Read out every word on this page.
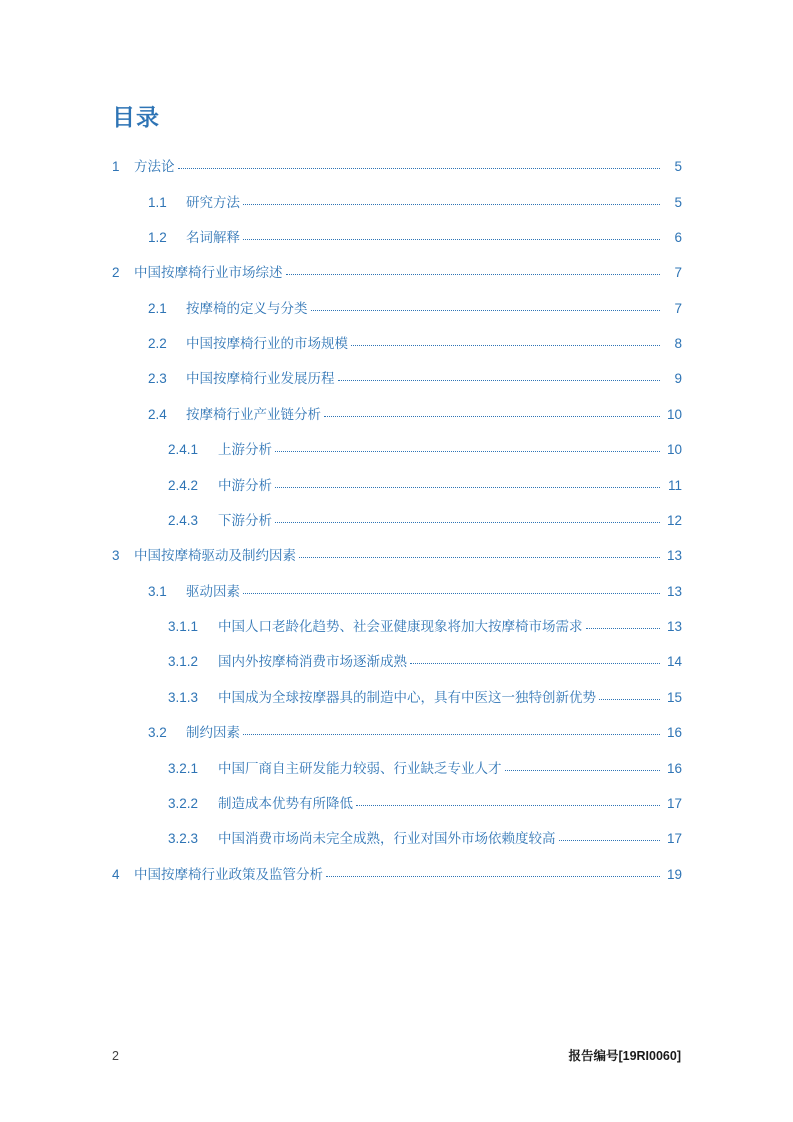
目录
1	方法论	5
1.1	研究方法	5
1.2	名词解释	6
2	中国按摩椅行业市场综述	7
2.1	按摩椅的定义与分类	7
2.2	中国按摩椅行业的市场规模	8
2.3	中国按摩椅行业发展历程	9
2.4	按摩椅行业产业链分析	10
2.4.1	上游分析	10
2.4.2	中游分析	11
2.4.3	下游分析	12
3	中国按摩椅驱动及制约因素	13
3.1	驱动因素	13
3.1.1	中国人口老龄化趋势、社会亚健康现象将加大按摩椅市场需求	13
3.1.2	国内外按摩椅消费市场逐渐成熟	14
3.1.3	中国成为全球按摩器具的制造中心，具有中医这一独特创新优势	15
3.2	制约因素	16
3.2.1	中国厂商自主研发能力较弱、行业缺乏专业人才	16
3.2.2	制造成本优势有所降低	17
3.2.3	中国消费市场尚未完全成熟，行业对国外市场依赖度较高	17
4	中国按摩椅行业政策及监管分析	19
2	报告编号[19RI0060]
